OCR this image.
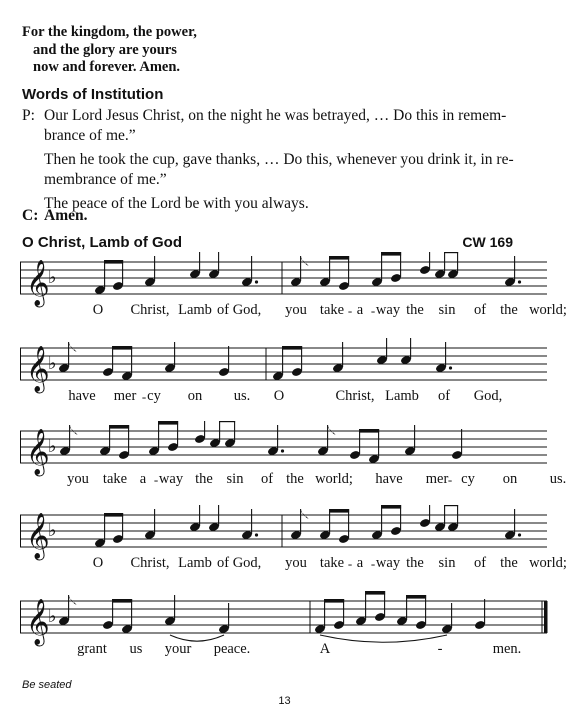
For the kingdom, the power,
and the glory are yours
now and forever. Amen.
Words of Institution
P: Our Lord Jesus Christ, on the night he was betrayed, … Do this in remem-
brance of me.”
Then he took the cup, gave thanks, … Do this, whenever you drink it, in re-
membrance of me.”
The peace of the Lord be with you always.
C: Amen.
O Christ, Lamb of God	CW 169
𝄞
♭
O Christ, Lamb of God, you take a way the sin of the world;
- -
𝄞
♭
have mer cy on us. O	Christ, Lamb of God,
-
𝄞
♭
you take a way the sin of the world; have mer cy on us.
-	-
𝄞
♭
O Christ, Lamb of God, you take a way the sin of the world;
- -
𝄞
♭
grant us your peace.	A	-	men.
Be seated
13
